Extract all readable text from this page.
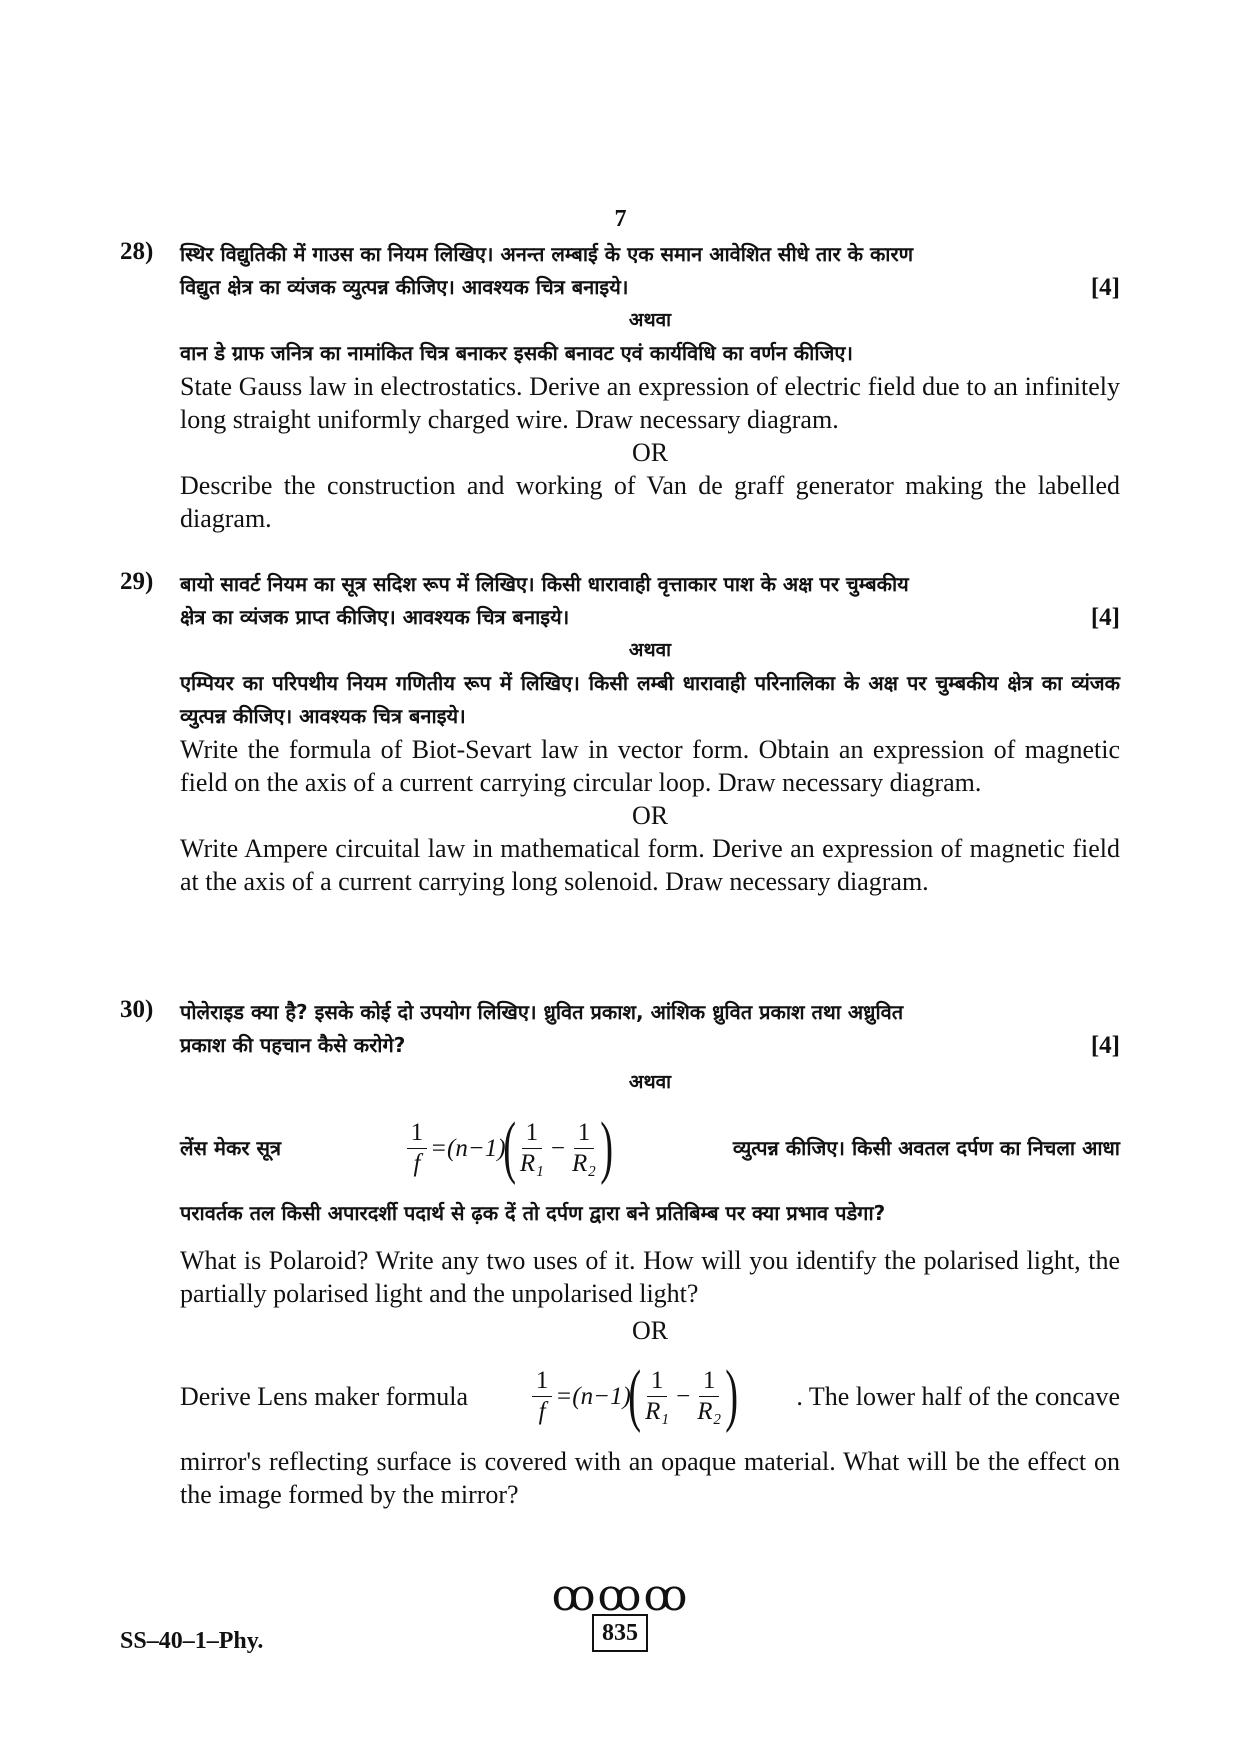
7
28) स्थिर विद्युतिकी में गाउस का नियम लिखिए। अनन्त लम्बाई के एक समान आवेशित सीधे तार के कारण
विद्युत क्षेत्र का व्यंजक व्युत्पन्न कीजिए। आवश्यक चित्र बनाइये।	[4]
अथवा
वान डे ग्राफ जनित्र का नामांकित चित्र बनाकर इसकी बनावट एवं कार्यविधि का वर्णन कीजिए।
State Gauss law in electrostatics. Derive an expression of electric field due to an infinitely long straight uniformly charged wire. Draw necessary diagram.
OR
Describe the construction and working of Van de graff generator making the labelled diagram.
29) बायो सावर्ट नियम का सूत्र सदिश रूप में लिखिए। किसी धारावाही वृत्ताकार पाश के अक्ष पर चुम्बकीय
क्षेत्र का व्यंजक प्राप्त कीजिए। आवश्यक चित्र बनाइये।	[4]
अथवा
एम्पियर का परिपथीय नियम गणितीय रूप में लिखिए। किसी लम्बी धारावाही परिनालिका के अक्ष पर चुम्बकीय क्षेत्र का व्यंजक व्युत्पन्न कीजिए। आवश्यक चित्र बनाइये।
Write the formula of Biot-Sevart law in vector form. Obtain an expression of magnetic field on the axis of a current carrying circular loop. Draw necessary diagram.
OR
Write Ampere circuital law in mathematical form. Derive an expression of magnetic field at the axis of a current carrying long solenoid. Draw necessary diagram.
30) पोलेराइड क्या है? इसके कोई दो उपयोग लिखिए। ध्रुवित प्रकाश, आंशिक ध्रुवित प्रकाश तथा अध्रुवित
प्रकाश की पहचान कैसे करोगे?	[4]
अथवा
लेंस मेकर सूत्र	$\frac{1}{f} =(n-1)$
( $\frac{1}{\text{R₁}} - \frac{1}{\text{R₂}}$ )	व्युत्पन्न कीजिए। किसी अवतल दर्पण का निचला आधा
परावर्तक तल किसी अपारदर्शी पदार्थ से ढ़क दें तो दर्पण द्वारा बने प्रतिबिम्ब पर क्या प्रभाव पडेगा?
What is Polaroid? Write any two uses of it. How will you identify the polarised light, the partially polarised light and the unpolarised light?
OR
Derive Lens maker formula	$\frac{1}{f} =(n-1)$
( $\frac{1}{\text{R₁}} - \frac{1}{\text{R₂}}$ ) . The lower half of the concave
mirror's reflecting surface is covered with an opaque material. What will be the effect on the image formed by the mirror?
ꝏꝏꝏ
835
SS–40–1–Phy.
